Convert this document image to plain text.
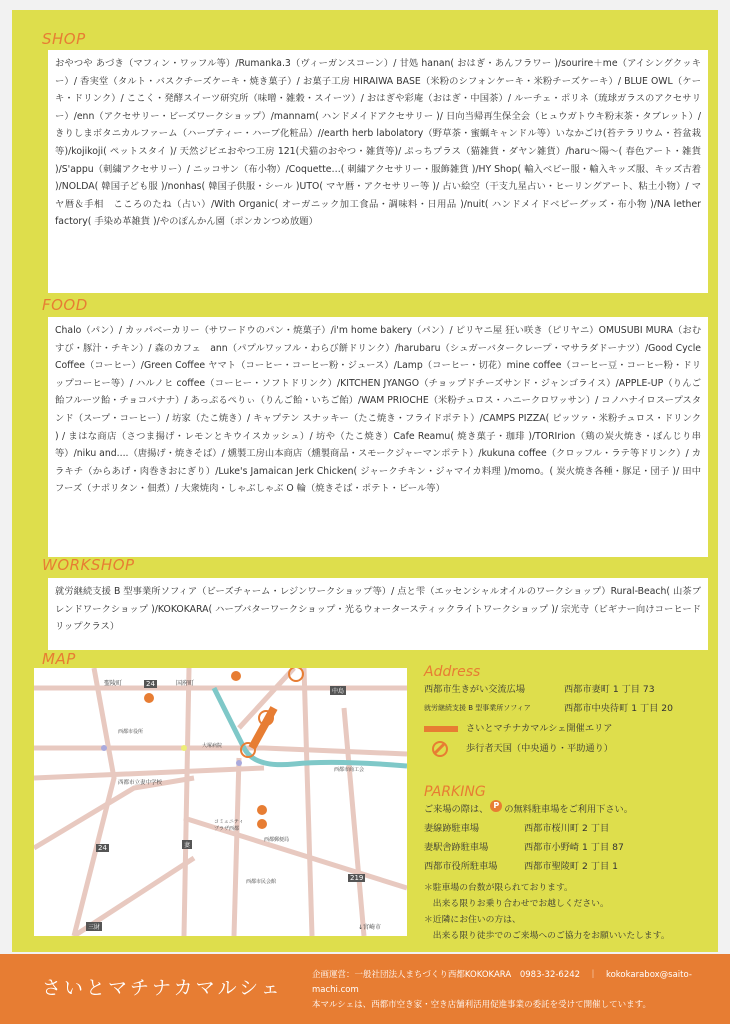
SHOP
おやつや あづき（マフィン・ワッフル等）/Rumanka.3（ヴィーガンスコーン）/ 甘処 hanan( おはぎ・あんフラワー )/sourire＋me（アイシングクッキー）/ 香実堂（タルト・バスクチーズケーキ・焼き菓子）/ お菓子工房 HIRAIWA BASE（米粉のシフォンケーキ・米粉チーズケーキ）/ BLUE OWL（ケーキ・ドリンク）/ ここく・発酵スイーツ研究所（味噌・雑穀・スイーツ）/ おはぎや彩庵（おはぎ・中国茶）/ ルーチェ・ポリネ（琉球ガラスのアクセサリー）/enn（アクセサリー・ビーズワークショップ）/mannam( ハンドメイドアクセサリー )/ 日向当帰再生保全会（ヒュウガトウキ粉末茶・タブレット）/ きりしまボタニカルファーム（ハーブティー・ハーブ化粧品）//earth herb labolatory（野草茶・蜜蝋キャンドル等）いなかごけ(苔テラリウム・苔盆栽等)/kojikoji( ペットスタイ )/ 天然ジビエおやつ工房 121(犬猫のおやつ・雑貨等)/ ぷっちプラス（猫雑貨・ダヤン雑貨）/haru～陽～( 春色アート・雑貨 )/S'appu（刺繍アクセサリー）/ ニッコサン（布小物）/Coquette…( 刺繍アクセサリー・服飾雑貨 )/HY Shop( 輸入ベビー服・輸入キッズ服、キッズ古着 )/NOLDA( 韓国子ども服 )/nonhas( 韓国子供服・シール )UTO( マヤ暦・アクセサリー等 )/ 占い絵空（干支九星占い・ヒーリングアート、粘土小物）/ マヤ暦＆手相　こころのたね（占い）/With Organic( オーガニック加工食品・調味料・日用品 )/nuit( ハンドメイドベビーグッズ・布小物 )/NA lether factory( 手染め革雑貨 )/やのぽんかん園（ポンカンつめ放題）
FOOD
Chalo（パン）/ カッパベーカリー（サワードウのパン・焼菓子）/i'm home bakery（パン）/ ピリヤニ屋 狂い咲き（ピリヤニ）OMUSUBI MURA（おむすび・豚汁・チキン）/ 森のカフェ　ann（パプルワッフル・わらび餅ドリンク）/harubaru（シュガーバタークレープ・マサラダドーナツ）/Good Cycle Coffee（コーヒー）/Green Coffee ヤマト（コーヒー・コーヒー粉・ジュース）/Lamp（コーヒー・切花）mine coffee（コーヒー豆・コーヒー粉・ドリップコーヒー等）/ ハルノヒ coffee（コーヒー・ソフトドリンク）/KITCHEN JYANGO（チョップドチーズサンド・ジャンゴライス）/APPLE-UP（りんご飴フルーツ飴・チョコバナナ）/ あっぷるぺりぃ（りんご飴・いちご飴）/WAM PRIOCHE（米粉チュロス・ハニークロワッサン）/ コノハナイロスープスタンド（スープ・コーヒー）/ 坊家（たこ焼き）/ キャプテン スナッキー（たこ焼き・フライドポテト）/CAMPS PIZZA( ピッツァ・米粉チュロス・ドリンク ) / まはな商店（さつま揚げ・レモンとキウイスカッシュ）/ 坊や（たこ焼き）Cafe Reamu( 焼き菓子・珈琲 )/TORIrion（鶏の炭火焼き・ぼんじり串等）/niku and....（唐揚げ・焼きそば）/ 燻製工房山本商店（燻製商品・スモークジャーマンポテト）/kukuna coffee（クロッフル・ラテ等ドリンク）/ カラキチ（からあげ・肉巻きおにぎり）/Luke's Jamaican Jerk Chicken( ジャークチキン・ジャマイカ料理 )/momo。( 炭火焼き各種・豚足・団子 )/ 田中フーズ（ナポリタン・佃煮）/ 大衆焼肉・しゃぶしゃぶ O 輪（焼きそば・ポテト・ビール等）
WORKSHOP
就労継続支援 B 型事業所ソフィア（ビーズチャーム・レジンワークショップ等）/ 点と雫（エッセンシャルオイルのワークショップ）Rural-Beach( 山茶ブレンドワークショップ )/KOKOKARA( ハーブバターワークショップ・光るウォータースティックライトワークショップ )/ 宗光寺（ビギナー向けコーヒードリップクラス）
MAP
聖陵町	24	国府町
中島
西都市役所
西都市立妻中学校
大塚病院
コミュニティプラザ西都
西都郵便局
西都市民会館
西都市商工会
24	妻
三財
219
↓宮崎市
Address
西都市生きがい交流広場	西都市妻町 1 丁目 73
就労継続支援 B 型事業所ソフィア	西都市中央待町 1 丁目 20
さいとマチナカマルシェ開催エリア
歩行者天国（中央通り・平助通り）
PARKING
ご来場の際は、 P の無料駐車場をご利用下さい。
妻線跡駐車場	西都市桜川町 2 丁目
妻駅舎跡駐車場	西都市小野崎 1 丁目 87
西都市役所駐車場	西都市聖陵町 2 丁目 1
＊駐車場の台数が限られております。
　出来る限りお乗り合わせでお越しください。
＊近隣にお住いの方は、
　出来る限り徒歩でのご来場へのご協力をお願いいたします。
さいとマチナカマルシェ
企画運営：一般社団法人まちづくり西都KOKOKARA 0983-32-6242 ｜ kokokarabox@saito-machi.com
本マルシェは、西都市空き家・空き店舗利活用促進事業の委託を受けて開催しています。
